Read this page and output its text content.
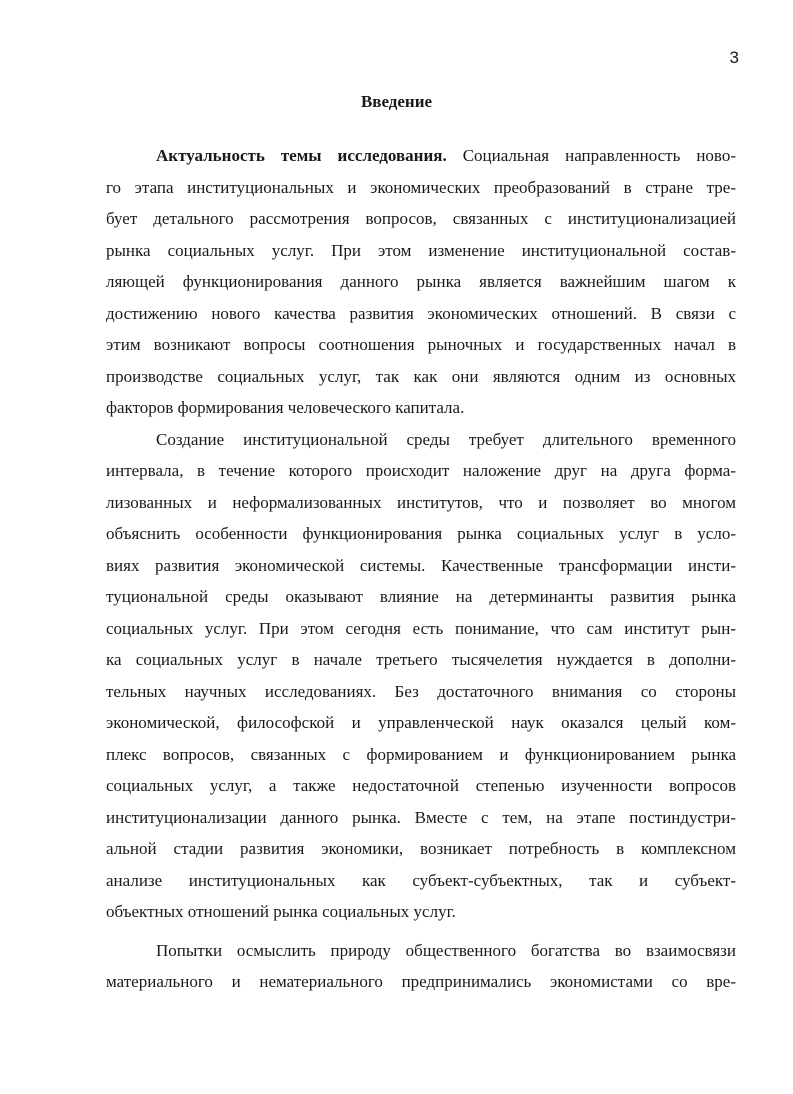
3
Введение
Актуальность темы исследования. Социальная направленность ново-
го этапа институциональных и экономических преобразований в стране тре-
бует детального рассмотрения вопросов, связанных с институционализацией
рынка социальных услуг. При этом изменение институциональной состав-
ляющей функционирования данного рынка является важнейшим шагом к
достижению нового качества развития экономических отношений. В связи с
этим возникают вопросы соотношения рыночных и государственных начал в
производстве социальных услуг, так как они являются одним из основных
факторов формирования человеческого капитала.
Создание институциональной среды требует длительного временного
интервала, в течение которого происходит наложение друг на друга форма-
лизованных и неформализованных институтов, что и позволяет во многом
объяснить особенности функционирования рынка социальных услуг в усло-
виях развития экономической системы. Качественные трансформации инсти-
туциональной среды оказывают влияние на детерминанты развития рынка
социальных услуг. При этом сегодня есть понимание, что сам институт рын-
ка социальных услуг в начале третьего тысячелетия нуждается в дополни-
тельных научных исследованиях. Без достаточного внимания со стороны
экономической, философской и управленческой наук оказался целый ком-
плекс вопросов, связанных с формированием и функционированием рынка
социальных услуг, а также недостаточной степенью изученности вопросов
институционализации данного рынка. Вместе с тем, на этапе постиндустри-
альной стадии развития экономики, возникает потребность в комплексном
анализе институциональных как субъект-субъектных, так и субъект-
объектных отношений рынка социальных услуг.
Попытки осмыслить природу общественного богатства во взаимосвязи
материального и нематериального предпринимались экономистами со вре-
